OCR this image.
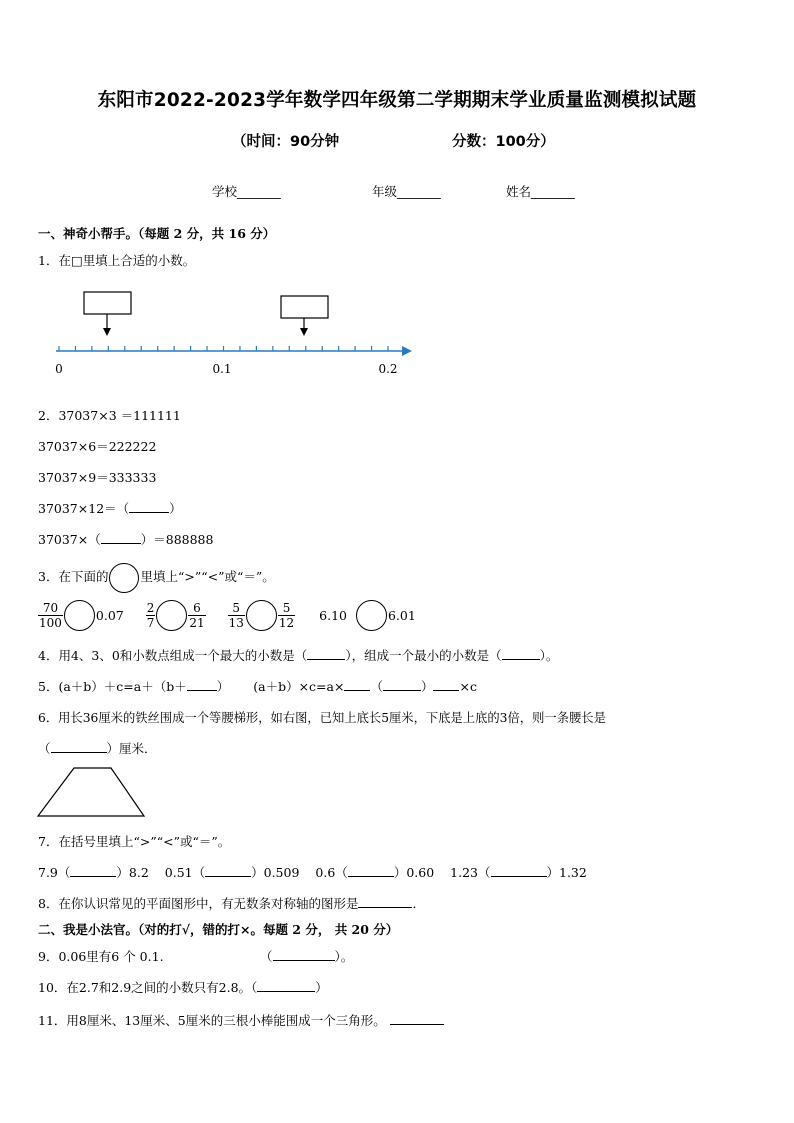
东阳市2022-2023学年数学四年级第二学期期末学业质量监测模拟试题
（时间：90分钟	分数：100分）
学校_______	年级_______	姓名_______
一、神奇小帮手。（每题 2 分，共 16 分）
1．在□里填上合适的小数。
0	0.1	0.2
2．37037×3 ＝111111
37037×6＝222222
37037×9＝333333
37037×12＝（	）
37037×（	）＝888888
3．在下面的	里填上“>”“<”或“＝”。
$\frac{70}{100}$	$0.07 \frac{2}{7}$	$\frac{6}{21}$
$\frac{5}{13}$	$\frac{5}{12} 6.10$	6.01
4．用4、3、0和小数点组成一个最大的小数是（	），组成一个最小的小数是（	）。
5．(a＋b）＋c=a＋（b＋ ） (a＋b）×c=a× （	） ×c
6．用长36厘米的铁丝围成一个等腰梯形，如右图，已知上底长5厘米，下底是上底的3倍，则一条腰长是
（	）厘米．
7．在括号里填上“>”“<”或“＝”。
7.9（	）8.2 0.51（	）0.509 0.6（	）0.60 1.23（	）1.32
8．在你认识常见的平面图形中，有无数条对称轴的图形是	．
二、我是小法官。（对的打√，错的打×。每题 2 分， 共 20 分）
9．0.06里有6 个 0.1.	（	）。
10．在2.7和2.9之间的小数只有2.8。（	）
11．用8厘米、13厘米、5厘米的三根小棒能围成一个三角形。
